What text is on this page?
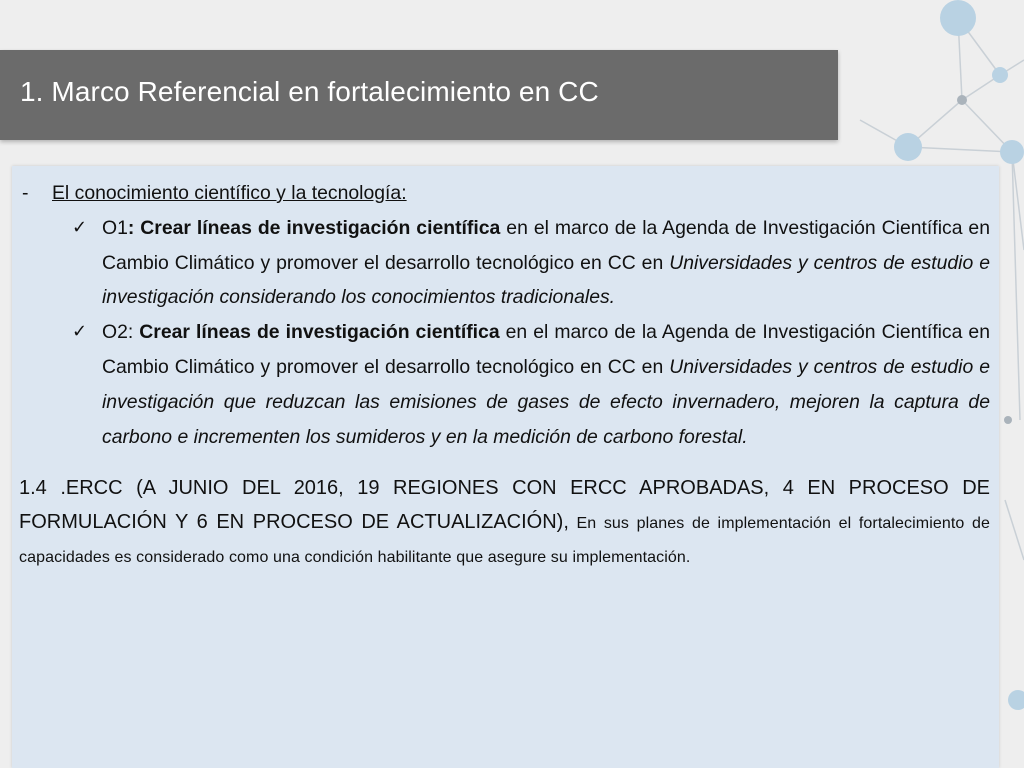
1. Marco Referencial en fortalecimiento en CC
- El conocimiento científico y la tecnología:
✓ O1: Crear líneas de investigación científica en el marco de la Agenda de Investigación Científica en Cambio Climático y promover el desarrollo tecnológico en CC en Universidades y centros de estudio e investigación considerando los conocimientos tradicionales.
✓ O2: Crear líneas de investigación científica en el marco de la Agenda de Investigación Científica en Cambio Climático y promover el desarrollo tecnológico en CC en Universidades y centros de estudio e investigación que reduzcan las emisiones de gases de efecto invernadero, mejoren la captura de carbono e incrementen los sumideros y en la medición de carbono forestal.
1.4 .ERCC (A JUNIO DEL 2016, 19 REGIONES CON ERCC APROBADAS, 4 EN PROCESO DE FORMULACIÓN Y 6 EN PROCESO DE ACTUALIZACIÓN), En sus planes de implementación el fortalecimiento de capacidades es considerado como una condición habilitante que asegure su implementación.
